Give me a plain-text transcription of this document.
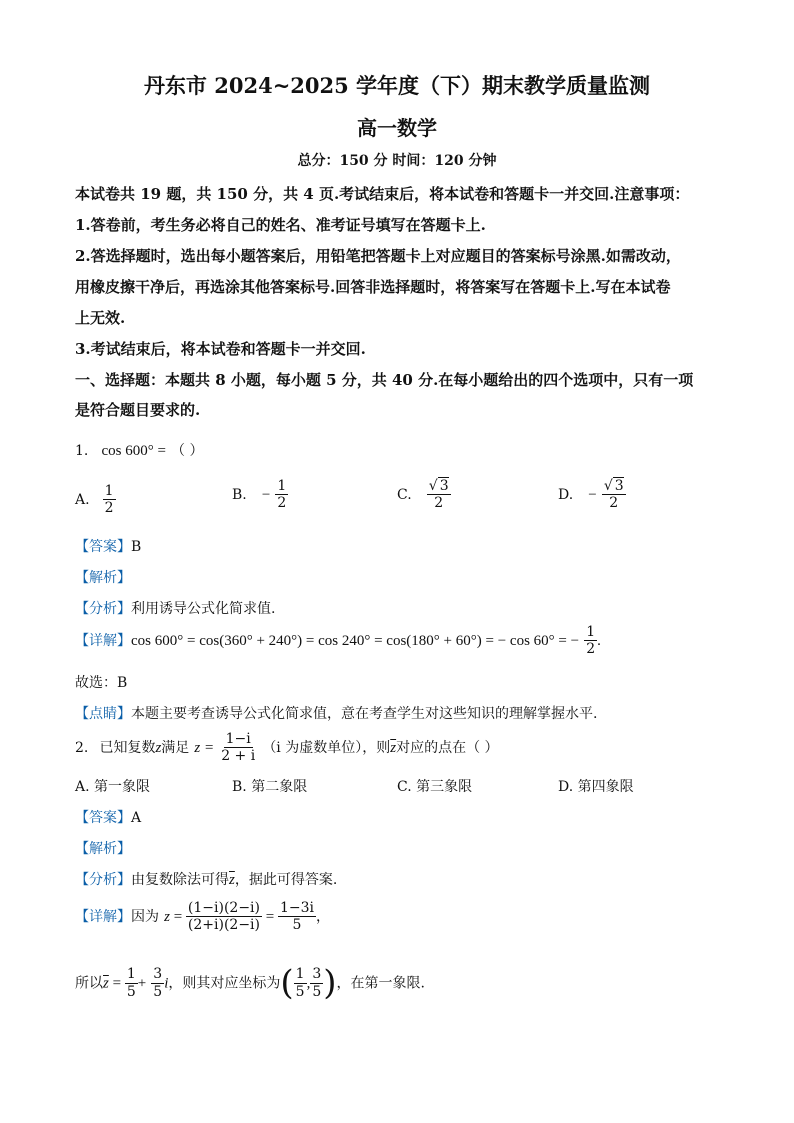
丹东市 2024~2025 学年度（下）期末教学质量监测
高一数学
总分：150 分 时间：120 分钟
本试卷共 19 题，共 150 分，共 4 页.考试结束后，将本试卷和答题卡一并交回.注意事项：
1.答卷前，考生务必将自己的姓名、准考证号填写在答题卡上.
2.答选择题时，选出每小题答案后，用铅笔把答题卡上对应题目的答案标号涂黑.如需改动，
用橡皮擦干净后，再选涂其他答案标号.回答非选择题时，将答案写在答题卡上.写在本试卷
上无效.
3.考试结束后，将本试卷和答题卡一并交回.
一、选择题：本题共 8 小题，每小题 5 分，共 40 分.在每小题给出的四个选项中，只有一项
是符合题目要求的.
1. cos 600° = （ ）
A. $\frac{1}{2}$	B. − $\frac{1}{2}$	C. $\frac{√ 3}{2}$	D. − $\frac{√ 3}{2}$
【答案】B
【解析】
【分析】利用诱导公式化简求值.
【详解】cos 600° = cos(360° + 240°) = cos 240° = cos(180° + 60°) = − cos 60° = − $\frac{1}{2}$ .
故选：B
【点睛】本题主要考查诱导公式化简求值，意在考查学生对这些知识的理解掌握水平.
2. 已知复数z满足 $z = \frac{1-i}{2 + i} (i$ 为虚数单位），则$\overline{z}$对应的点在（ ）
A. 第一象限	B. 第二象限	C. 第三象限	D. 第四象限
【答案】A
【解析】
【分析】由复数除法可得$\overline{z}$，据此可得答案.
【详解】因为 $z = \frac{(1-i)(2-i)}{(2+i)(2-i)} = \frac{1-3i}{5}$ ，
所以$\overline{z} = \frac{1}{5} + \frac{3}{5}$ i，则其对应坐标为( $\frac{1}{5}$ , $\frac{3}{5}$ )，在第一象限.
